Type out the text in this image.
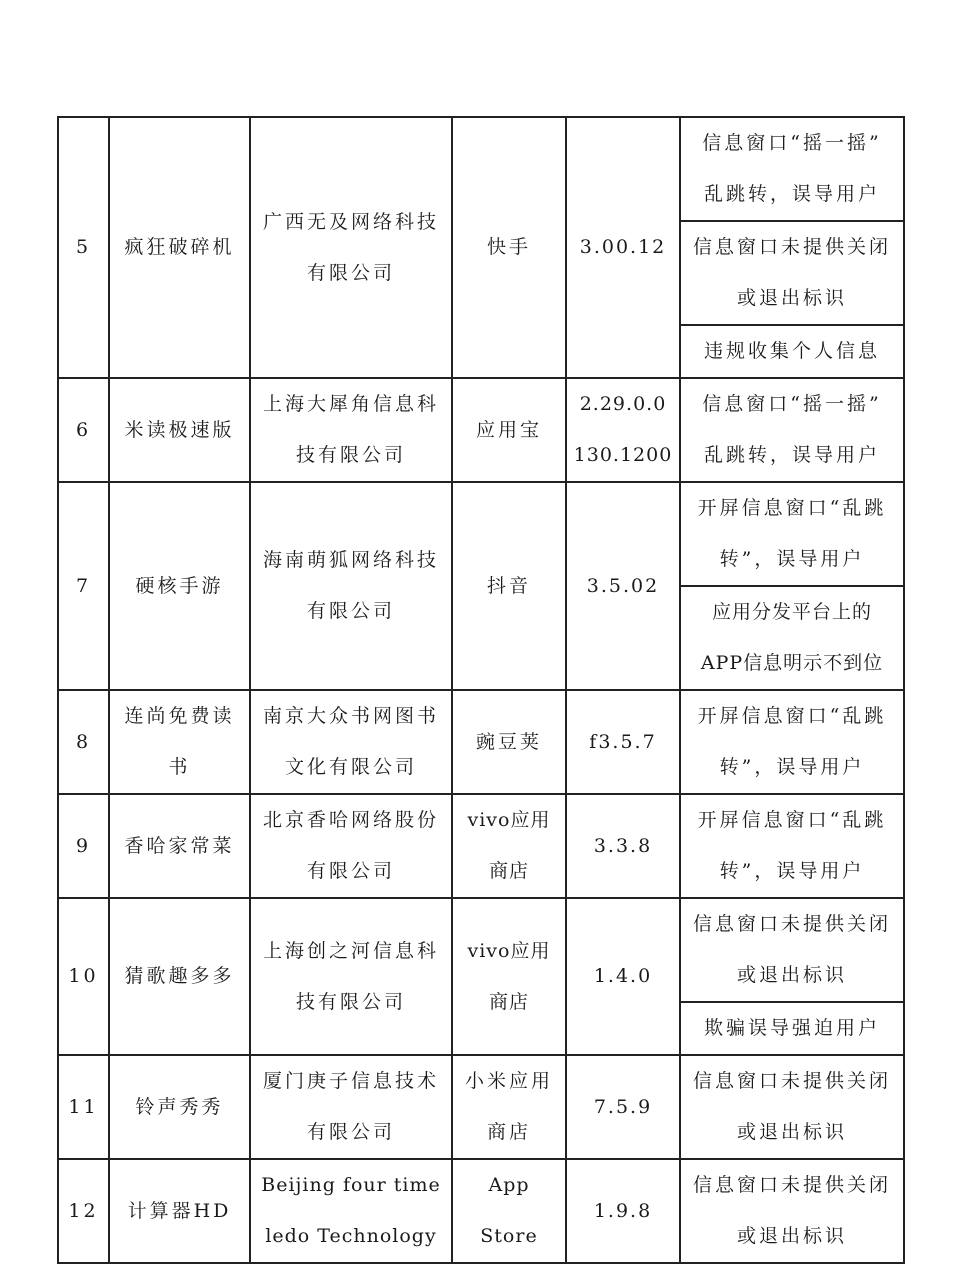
5	疯狂破碎机	广西无及网络科技
有限公司	快手	3.00.12	信息窗口“摇一摇”
乱跳转，误导用户

					信息窗口未提供关闭
或退出标识

					违规收集个人信息
6	米读极速版	上海大犀角信息科
技有限公司	应用宝	2.29.0.0
130.1200	信息窗口“摇一摇”
乱跳转，误导用户

7	硬核手游	海南萌狐网络科技
有限公司	抖音	3.5.02	开屏信息窗口“乱跳
转”，误导用户

					应用分发平台上的
APP信息明示不到位

8	连尚免费读
书	南京大众书网图书
文化有限公司	豌豆荚	f3.5.7	开屏信息窗口“乱跳
转”，误导用户

9	香哈家常菜	北京香哈网络股份
有限公司	vivo应用
商店	3.3.8	开屏信息窗口“乱跳
转”，误导用户

10	猜歌趣多多	上海创之河信息科
技有限公司	vivo应用
商店	1.4.0	信息窗口未提供关闭
或退出标识

					欺骗误导强迫用户
11	铃声秀秀	厦门庚子信息技术
有限公司	小米应用
商店	7.5.9	信息窗口未提供关闭
或退出标识

12	计算器HD	Beijing four time
ledo Technology	App Store	1.9.8	信息窗口未提供关闭
或退出标识
